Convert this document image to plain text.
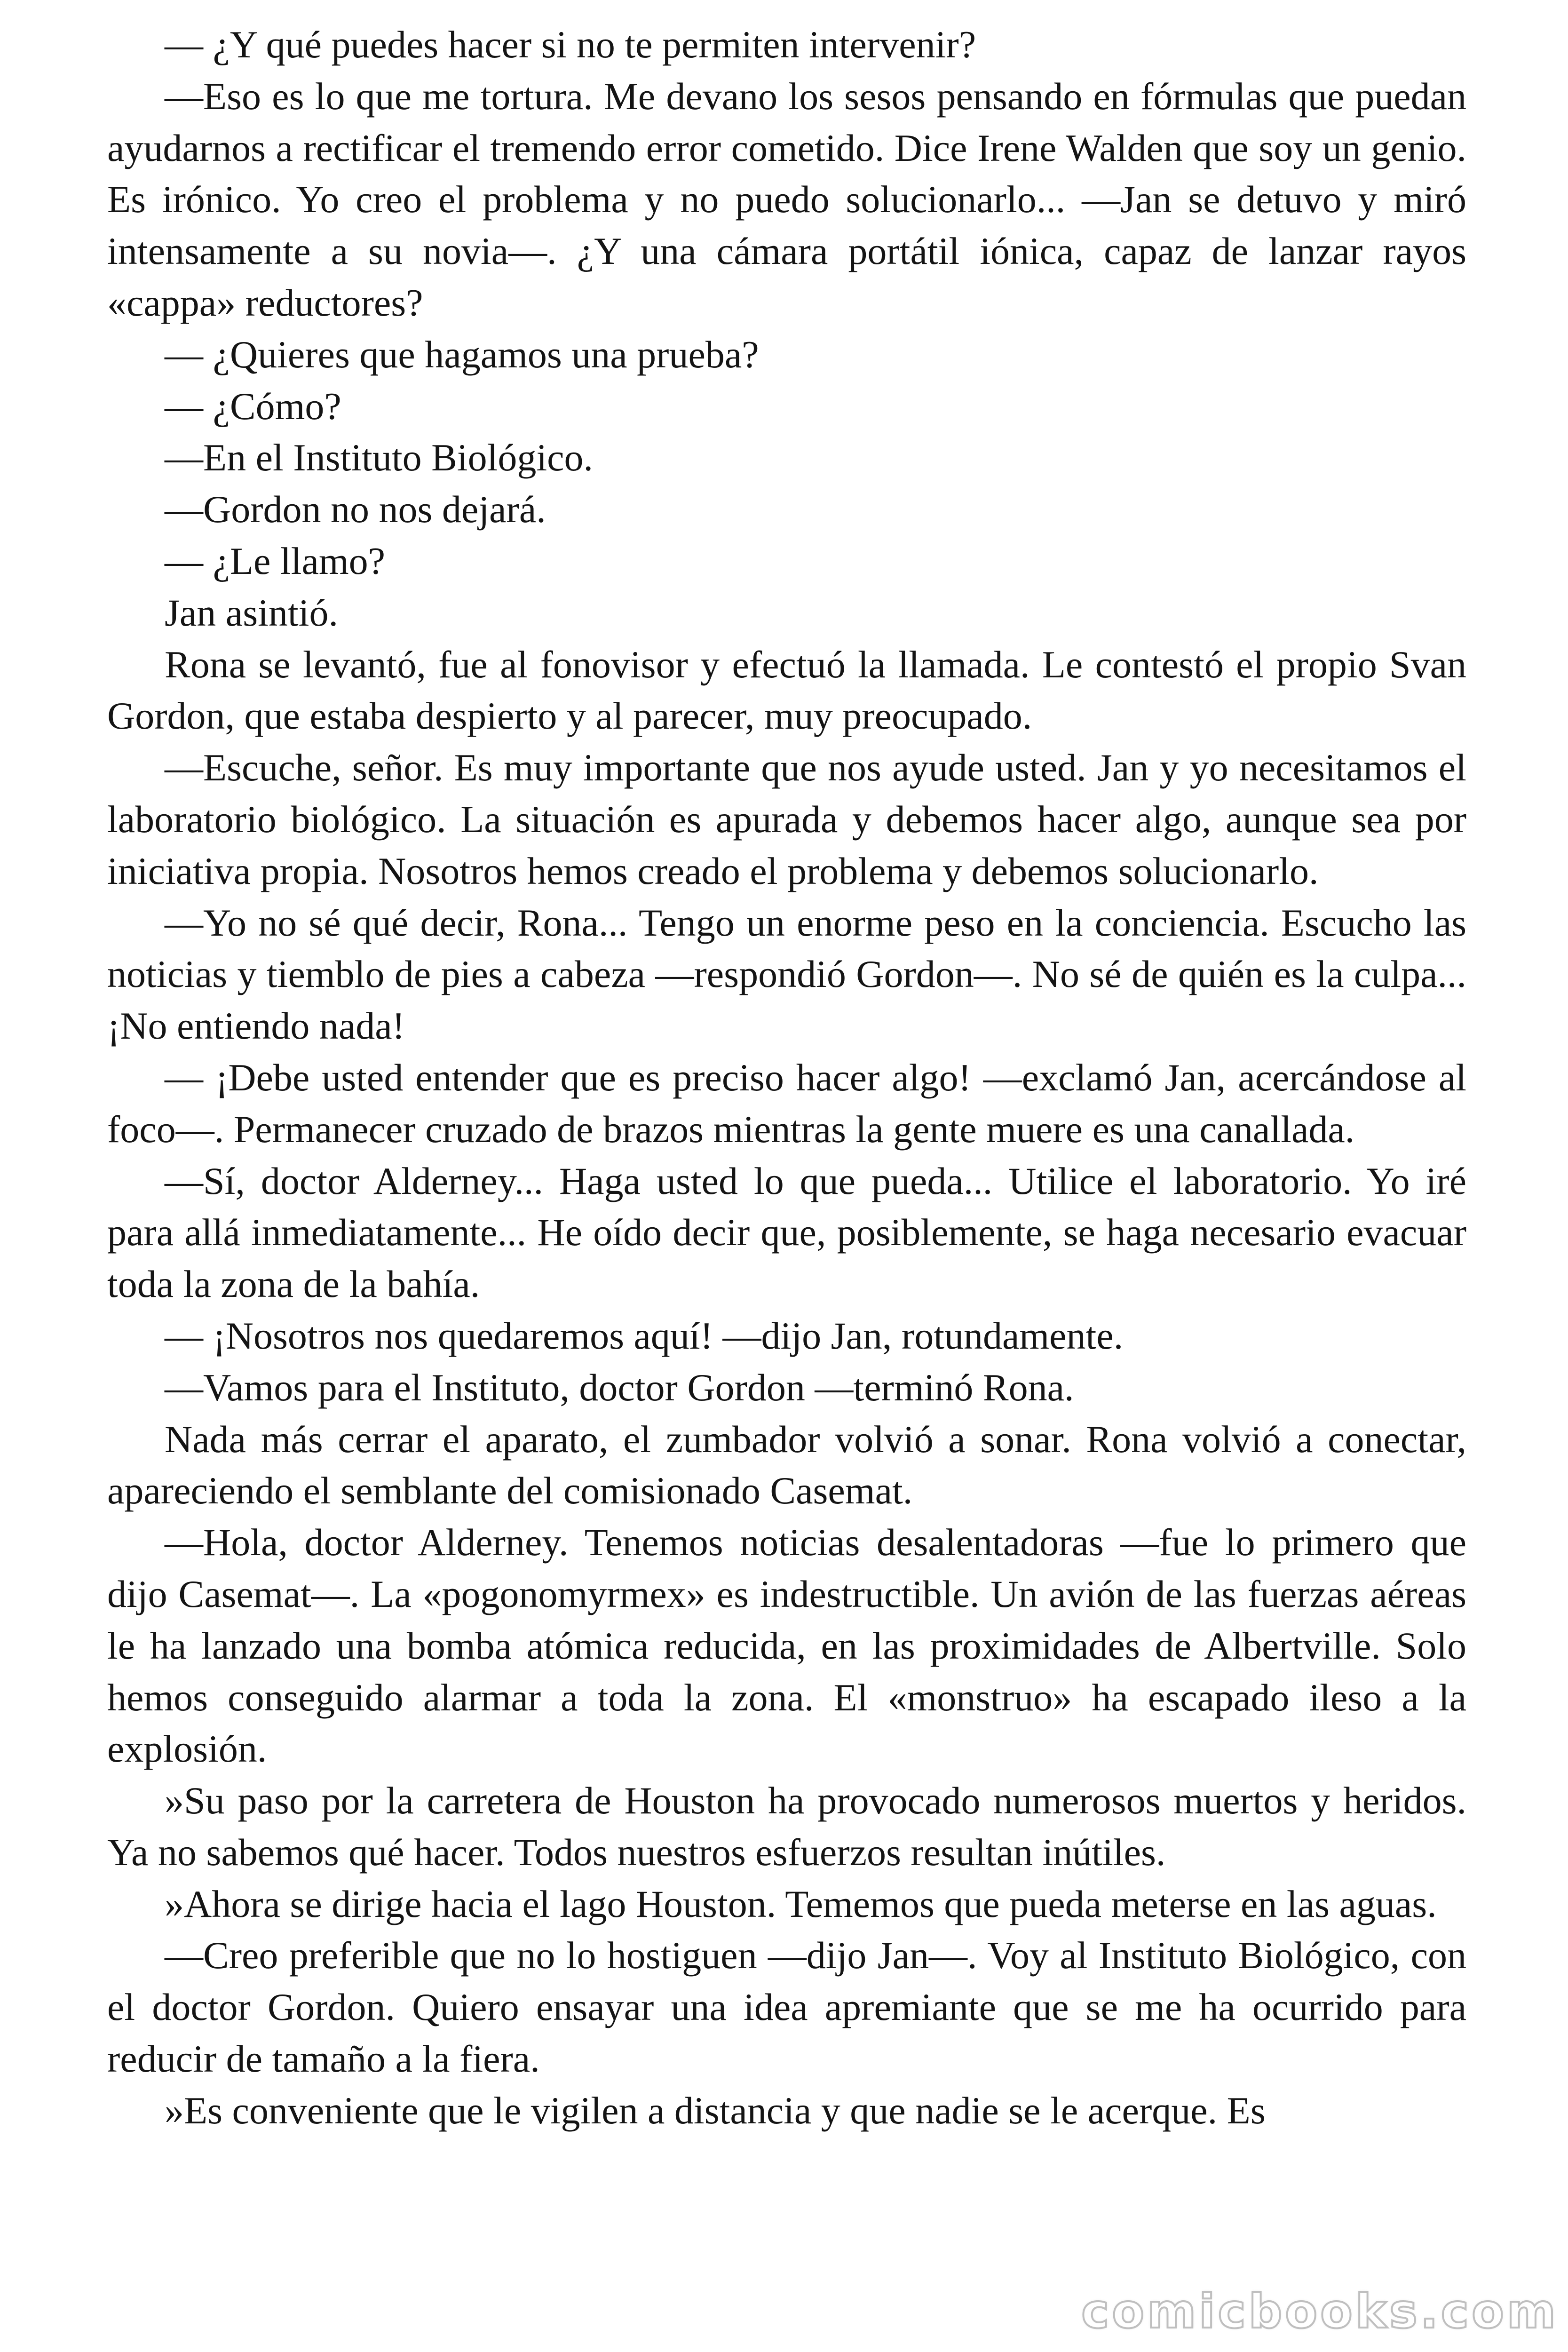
— ¿Y qué puedes hacer si no te permiten intervenir?

—Eso es lo que me tortura. Me devano los sesos pensando en fórmulas que puedan ayudarnos a rectificar el tremendo error cometido. Dice Irene Walden que soy un genio. Es irónico. Yo creo el problema y no puedo solucionarlo... —Jan se detuvo y miró intensamente a su novia—. ¿Y una cámara portátil iónica, capaz de lanzar rayos «cappa» reductores?

— ¿Quieres que hagamos una prueba?

— ¿Cómo?

—En el Instituto Biológico.

—Gordon no nos dejará.

— ¿Le llamo?

Jan asintió.

Rona se levantó, fue al fonovisor y efectuó la llamada. Le contestó el propio Svan Gordon, que estaba despierto y al parecer, muy preocupado.

—Escuche, señor. Es muy importante que nos ayude usted. Jan y yo necesitamos el laboratorio biológico. La situación es apurada y debemos hacer algo, aunque sea por iniciativa propia. Nosotros hemos creado el problema y debemos solucionarlo.

—Yo no sé qué decir, Rona... Tengo un enorme peso en la conciencia. Escucho las noticias y tiemblo de pies a cabeza —respondió Gordon—. No sé de quién es la culpa... ¡No entiendo nada!

— ¡Debe usted entender que es preciso hacer algo! —exclamó Jan, acercándose al foco—. Permanecer cruzado de brazos mientras la gente muere es una canallada.

—Sí, doctor Alderney... Haga usted lo que pueda... Utilice el laboratorio. Yo iré para allá inmediatamente... He oído decir que, posiblemente, se haga necesario evacuar toda la zona de la bahía.

— ¡Nosotros nos quedaremos aquí! —dijo Jan, rotundamente.

—Vamos para el Instituto, doctor Gordon —terminó Rona.

Nada más cerrar el aparato, el zumbador volvió a sonar. Rona volvió a conectar, apareciendo el semblante del comisionado Casemat.

—Hola, doctor Alderney. Tenemos noticias desalentadoras —fue lo primero que dijo Casemat—. La «pogonomyrmex» es indestructible. Un avión de las fuerzas aéreas le ha lanzado una bomba atómica reducida, en las proximidades de Albertville. Solo hemos conseguido alarmar a toda la zona. El «monstruo» ha escapado ileso a la explosión.

»Su paso por la carretera de Houston ha provocado numerosos muertos y heridos. Ya no sabemos qué hacer. Todos nuestros esfuerzos resultan inútiles.

»Ahora se dirige hacia el lago Houston. Tememos que pueda meterse en las aguas.

—Creo preferible que no lo hostiguen —dijo Jan—. Voy al Instituto Biológico, con el doctor Gordon. Quiero ensayar una idea apremiante que se me ha ocurrido para reducir de tamaño a la fiera.

»Es conveniente que le vigilen a distancia y que nadie se le acerque. Es

comicbooks.com
